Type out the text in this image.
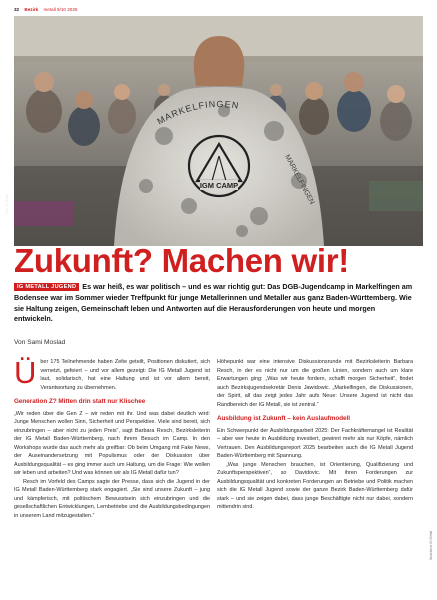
32 Bezirk metall 9/10 2025
MARKELFINGEN
MARKELFINGEN
IGM CAMP
Foto: IG Metall
Zukunft? Machen wir!

IG METALL JUGEND Es war heiß, es war politisch – und es war richtig gut: Das DGB-Jugendcamp in Markelfingen am Bodensee war im Sommer wieder Treffpunkt für junge Metallerinnen und Metaller aus ganz Baden-Württemberg. Wie sie Haltung zeigen, Gemeinschaft leben und Antworten auf die Herausforderungen von heute und morgen entwickeln.

Von Sami Moslad

Über 175 Teilnehmende haben Zelte geteilt, Positionen diskutiert, sich vernetzt, gefeiert – und vor allem gezeigt: Die IG Metall Jugend ist laut, solidarisch, hat eine Haltung und ist vor allem bereit, Verantwortung zu übernehmen.

Generation Z? Mitten drin statt nur Klischee

„Wir reden über die Gen Z – wir reden mit ihr. Und was dabei deutlich wird: Junge Menschen wollen Sinn, Sicherheit und Perspektive. Viele sind bereit, sich einzubringen – aber nicht zu jeden Preis“, sagt Barbara Resch, Bezirksleiterin der IG Metall Baden-Württemberg, nach ihrem Besuch im Camp. In den Workshops wurde das auch mehr als greifbar: Ob beim Umgang mit Fake News, der Auseinandersetzung mit Populismus oder der Diskussion über Ausbildungsqualität – es ging immer auch um Haltung, um die Frage: Wie wollen wir leben und arbeiten? Und was können wir als IG Metall dafür tun?

Resch im Vorfeld des Camps sagte der Presse, dass sich die Jugend in der IG Metall Baden-Württemberg stark engagiert. „Sie sind unsere Zukunft – jung und kämpferisch, mit politischem Bewusstsein sich einzubringen und die gesellschaftlichen Entwicklungen, Lernbetriebe und die Ausbildungsbedingungen in unserem Land mitzugestalten.“

Höhepunkt war eine intensive Diskussionsrunde mit Bezirksleiterin Barbara Resch, in der es nicht nur um die großen Linien, sondern auch um klare Erwartungen ging: „Was wir heute fordern, schafft morgen Sicherheit“, findet auch Bezirksjugendsekretär Denis Jawidowic. „Markelfingen, die Diskussionen, der Spirit, all das zeigt jedes Jahr aufs Neue: Unsere Jugend ist nicht das Randbereich der IG Metall, sie ist zentral.“

Ausbildung ist Zukunft – kein Auslaufmodell

Ein Schwerpunkt der Ausbildungsarbeit 2025: Der Fachkräftemangel ist Realität – aber wer heute in Ausbildung investiert, gewinnt mehr als nur Köpfe, nämlich Vertrauen. Den Ausbildungsreport 2025 bearbeiten auch die IG Metall Jugend Baden-Württemberg mit Spannung.

„Was junge Menschen brauchen, ist Orientierung, Qualifizierung und Zukunftsperspektiven“, so Davidovic. Mit ihren Forderungen zur Ausbildungsqualität und konkreten Forderungen an Betriebe und Politik machen sich die IG Metall Jugend sowie der ganze Bezirk Baden-Württemberg dafür stark – und sie zeigen dabei, dass junge Beschäftigte nicht nur dabei, sondern mittendrin sind.

Illustration: IG Metall
